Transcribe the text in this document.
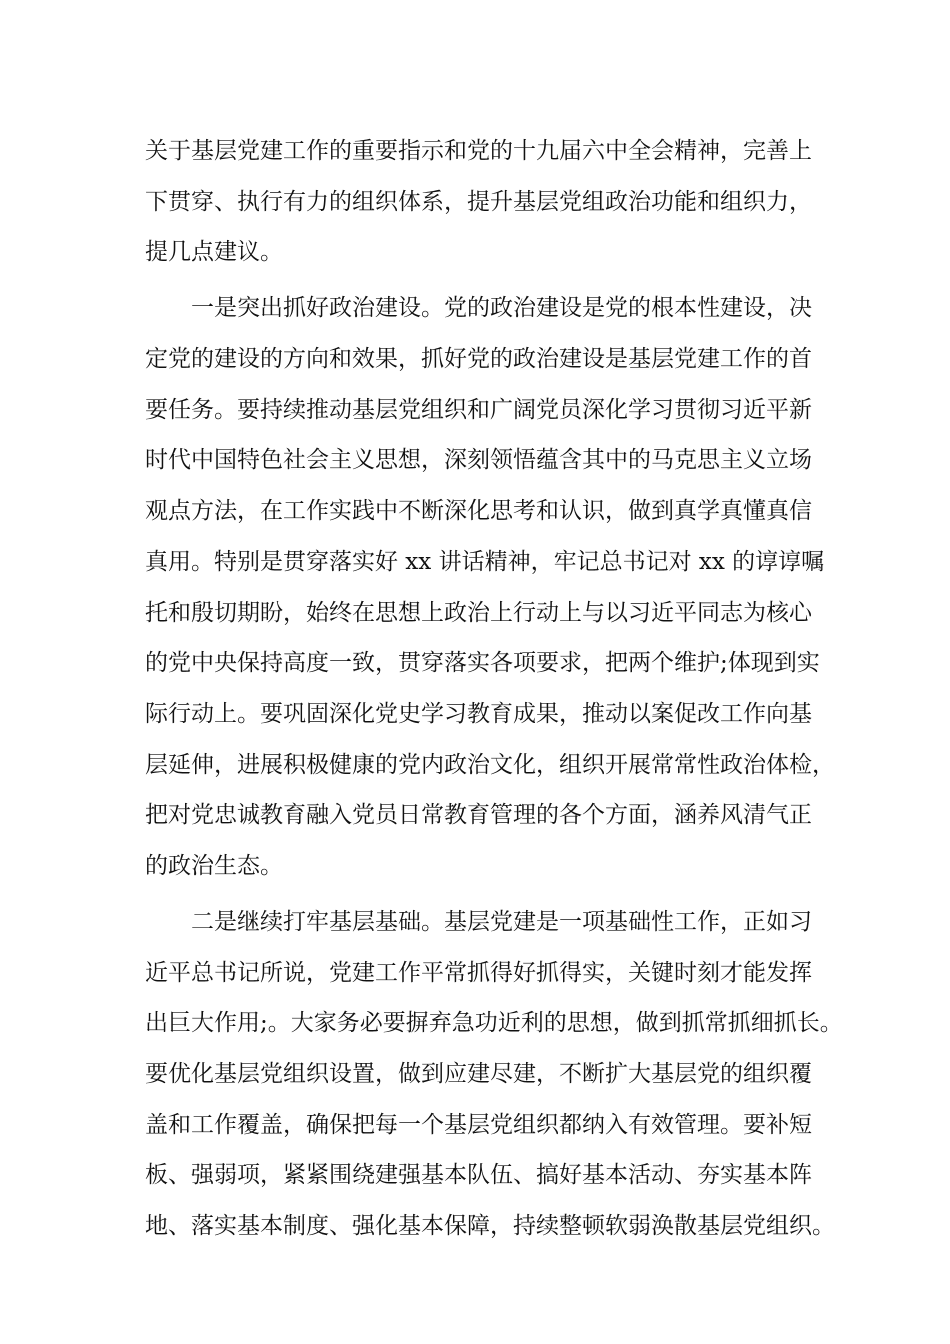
关于基层党建工作的重要指示和党的十九届六中全会精神，完善上
下贯穿、执行有力的组织体系，提升基层党组政治功能和组织力，
提几点建议。
一是突出抓好政治建设。党的政治建设是党的根本性建设，决
定党的建设的方向和效果，抓好党的政治建设是基层党建工作的首
要任务。要持续推动基层党组织和广阔党员深化学习贯彻习近平新
时代中国特色社会主义思想，深刻领悟蕴含其中的马克思主义立场
观点方法，在工作实践中不断深化思考和认识，做到真学真懂真信
真用。特别是贯穿落实好 xx 讲话精神，牢记总书记对 xx 的谆谆嘱
托和殷切期盼，始终在思想上政治上行动上与以习近平同志为核心
的党中央保持高度一致，贯穿落实各项要求，把两个维护;体现到实
际行动上。要巩固深化党史学习教育成果，推动以案促改工作向基
层延伸，进展积极健康的党内政治文化，组织开展常常性政治体检，
把对党忠诚教育融入党员日常教育管理的各个方面，涵养风清气正
的政治生态。
二是继续打牢基层基础。基层党建是一项基础性工作，正如习
近平总书记所说，党建工作平常抓得好抓得实，关键时刻才能发挥
出巨大作用;。大家务必要摒弃急功近利的思想，做到抓常抓细抓长。
要优化基层党组织设置，做到应建尽建，不断扩大基层党的组织覆
盖和工作覆盖，确保把每一个基层党组织都纳入有效管理。要补短
板、强弱项，紧紧围绕建强基本队伍、搞好基本活动、夯实基本阵
地、落实基本制度、强化基本保障，持续整顿软弱涣散基层党组织。
